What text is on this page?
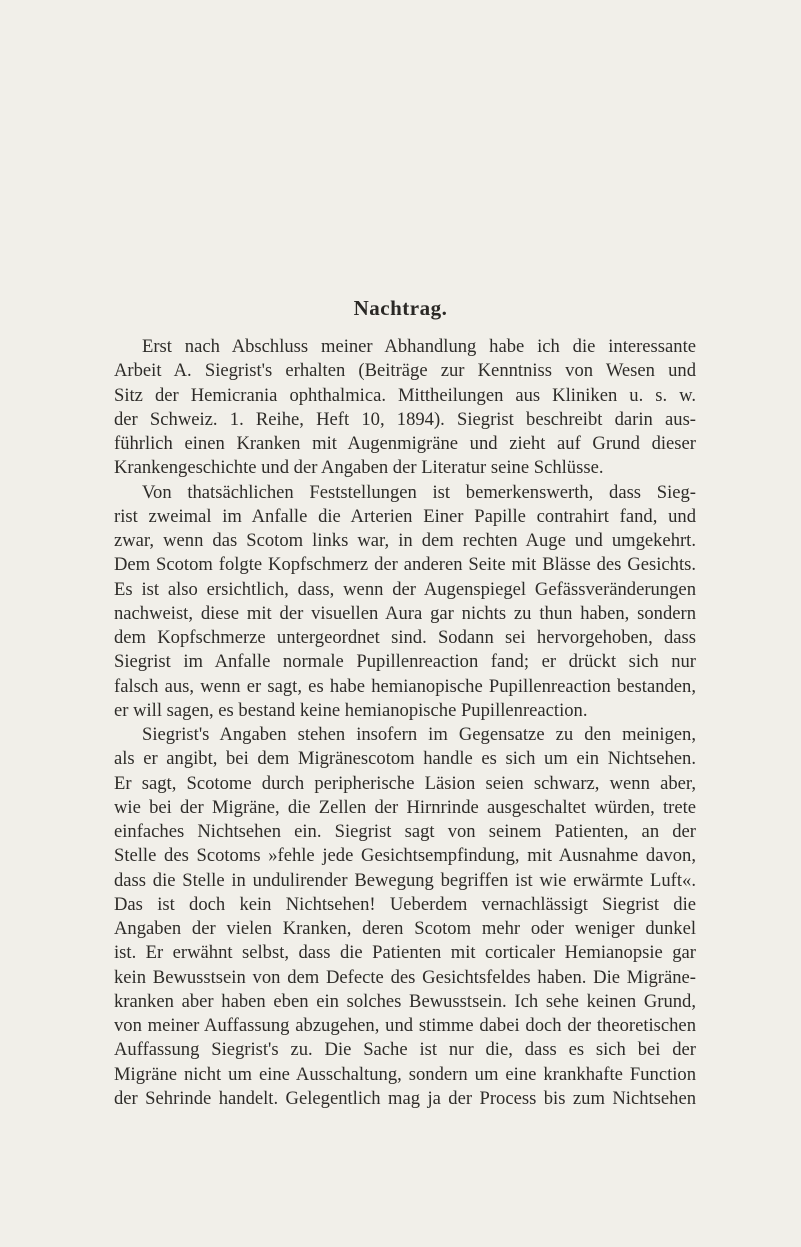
Nachtrag.
Erst nach Abschluss meiner Abhandlung habe ich die interessante
Arbeit A. Siegrist's erhalten (Beiträge zur Kenntniss von Wesen und
Sitz der Hemicrania ophthalmica. Mittheilungen aus Kliniken u. s. w.
der Schweiz. 1. Reihe, Heft 10, 1894). Siegrist beschreibt darin aus-
führlich einen Kranken mit Augenmigräne und zieht auf Grund dieser
Krankengeschichte und der Angaben der Literatur seine Schlüsse.
Von thatsächlichen Feststellungen ist bemerkenswerth, dass Sieg-
rist zweimal im Anfalle die Arterien Einer Papille contrahirt fand, und
zwar, wenn das Scotom links war, in dem rechten Auge und umgekehrt.
Dem Scotom folgte Kopfschmerz der anderen Seite mit Blässe des Gesichts.
Es ist also ersichtlich, dass, wenn der Augenspiegel Gefässveränderungen
nachweist, diese mit der visuellen Aura gar nichts zu thun haben, sondern
dem Kopfschmerze untergeordnet sind. Sodann sei hervorgehoben, dass
Siegrist im Anfalle normale Pupillenreaction fand; er drückt sich nur
falsch aus, wenn er sagt, es habe hemianopische Pupillenreaction bestanden,
er will sagen, es bestand keine hemianopische Pupillenreaction.
Siegrist's Angaben stehen insofern im Gegensatze zu den meinigen,
als er angibt, bei dem Migränescotom handle es sich um ein Nichtsehen.
Er sagt, Scotome durch peripherische Läsion seien schwarz, wenn aber,
wie bei der Migräne, die Zellen der Hirnrinde ausgeschaltet würden, trete
einfaches Nichtsehen ein. Siegrist sagt von seinem Patienten, an der
Stelle des Scotoms »fehle jede Gesichtsempfindung, mit Ausnahme davon,
dass die Stelle in undulirender Bewegung begriffen ist wie erwärmte Luft«.
Das ist doch kein Nichtsehen! Ueberdem vernachlässigt Siegrist die
Angaben der vielen Kranken, deren Scotom mehr oder weniger dunkel
ist. Er erwähnt selbst, dass die Patienten mit corticaler Hemianopsie gar
kein Bewusstsein von dem Defecte des Gesichtsfeldes haben. Die Migräne-
kranken aber haben eben ein solches Bewusstsein. Ich sehe keinen Grund,
von meiner Auffassung abzugehen, und stimme dabei doch der theoretischen
Auffassung Siegrist's zu. Die Sache ist nur die, dass es sich bei der
Migräne nicht um eine Ausschaltung, sondern um eine krankhafte Function
der Sehrinde handelt. Gelegentlich mag ja der Process bis zum Nichtsehen
